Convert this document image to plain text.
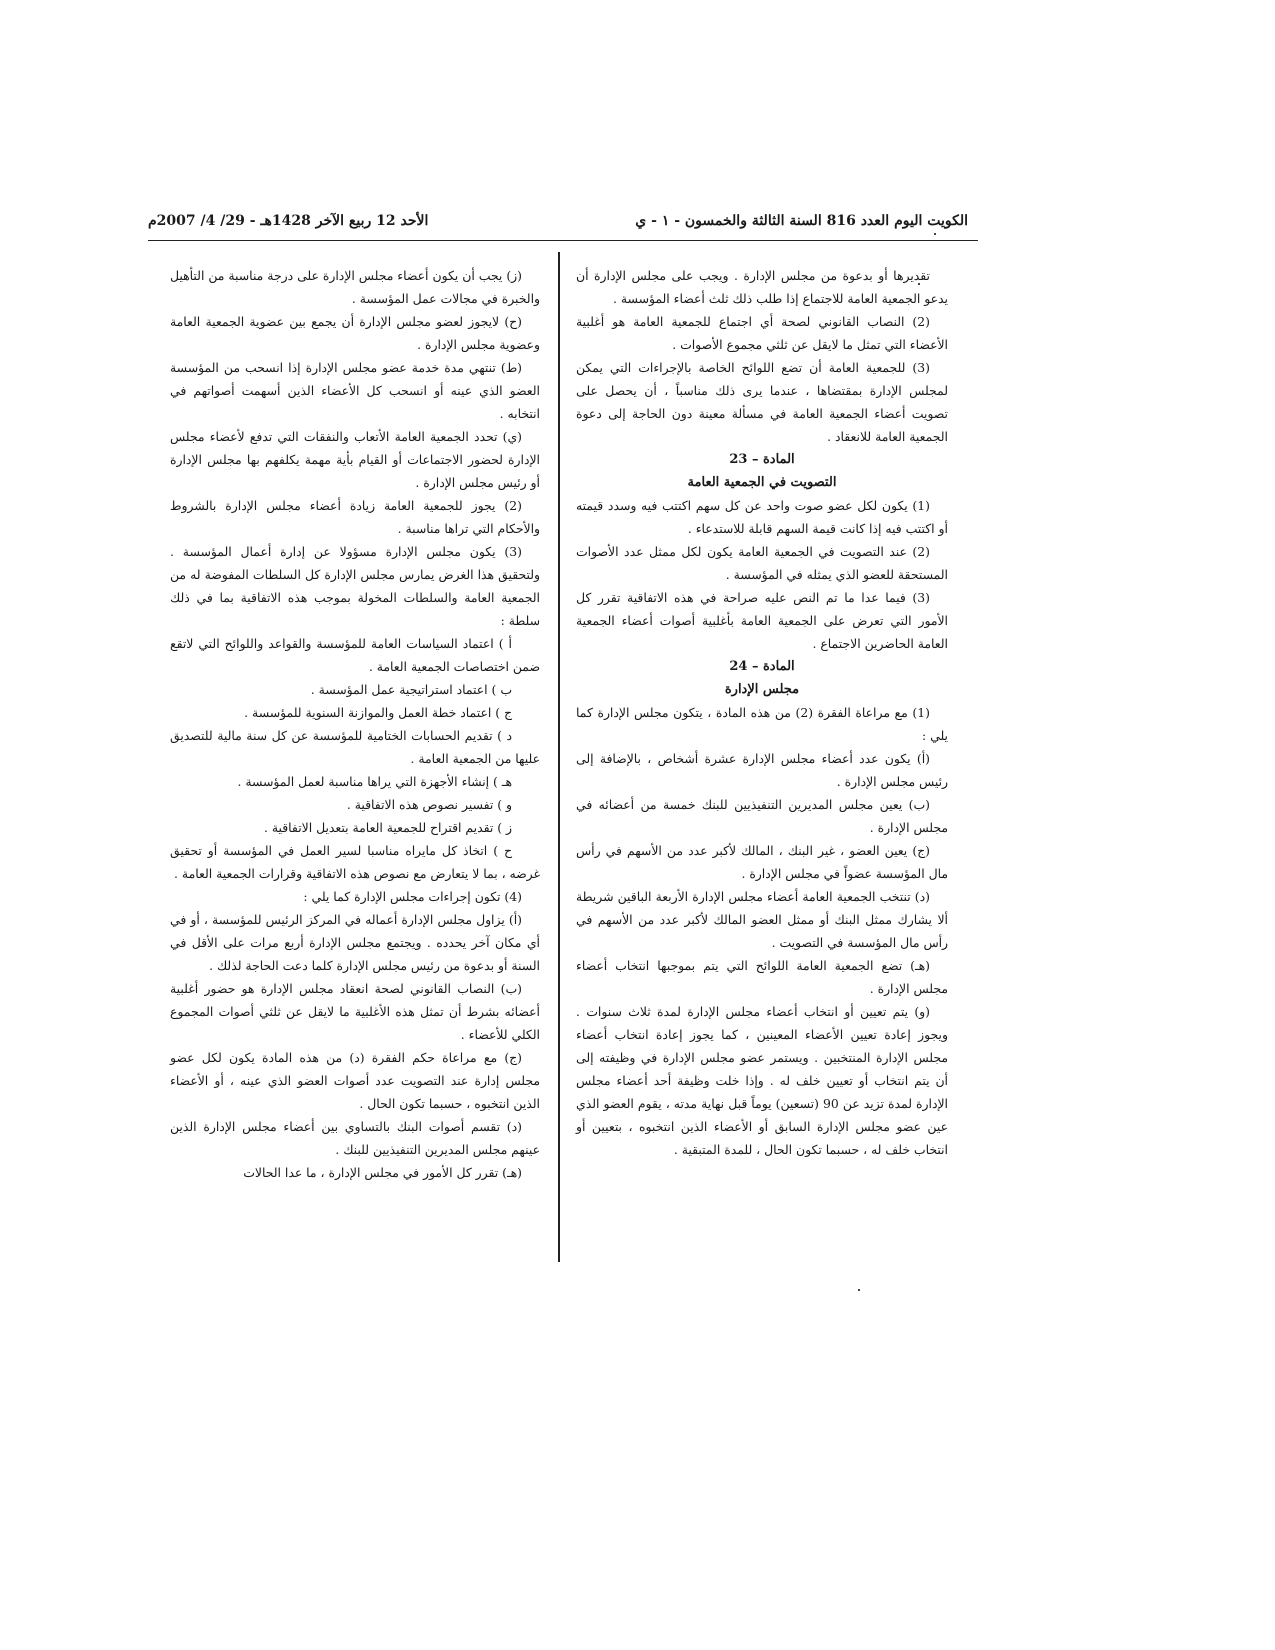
الكويت اليوم العدد 816 السنة الثالثة والخمسون - ١ - ي
الأحد 12 ربيع الآخر 1428هـ - 29/ 4/ 2007م

تقديرها أو بدعوة من مجلس الإدارة . ويجب على مجلس الإدارة أن يدعو الجمعية العامة للاجتماع إذا طلب ذلك ثلث أعضاء المؤسسة .

(2) النصاب القانوني لصحة أي اجتماع للجمعية العامة هو أغلبية الأعضاء التي تمثل ما لايقل عن ثلثي مجموع الأصوات .

(3) للجمعية العامة أن تضع اللوائح الخاصة بالإجراءات التي يمكن لمجلس الإدارة بمقتضاها ، عندما يرى ذلك مناسباً ، أن يحصل على تصويت أعضاء الجمعية العامة في مسألة معينة دون الحاجة إلى دعوة الجمعية العامة للانعقاد .

المادة – 23

التصويت في الجمعية العامة

(1) يكون لكل عضو صوت واحد عن كل سهم اكتتب فيه وسدد قيمته أو اكتتب فيه إذا كانت قيمة السهم قابلة للاستدعاء .

(2) عند التصويت في الجمعية العامة يكون لكل ممثل عدد الأصوات المستحقة للعضو الذي يمثله في المؤسسة .

(3) فيما عدا ما تم النص عليه صراحة في هذه الاتفاقية تقرر كل الأمور التي تعرض على الجمعية العامة بأغلبية أصوات أعضاء الجمعية العامة الحاضرين الاجتماع .

المادة – 24

مجلس الإدارة

(1) مع مراعاة الفقرة (2) من هذه المادة ، يتكون مجلس الإدارة كما يلي :

(أ) يكون عدد أعضاء مجلس الإدارة عشرة أشخاص ، بالإضافة إلى رئيس مجلس الإدارة .

(ب) يعين مجلس المديرين التنفيذيين للبنك خمسة من أعضائه في مجلس الإدارة .

(ج) يعين العضو ، غير البنك ، المالك لأكبر عدد من الأسهم في رأس مال المؤسسة عضواً في مجلس الإدارة .

(د) تنتخب الجمعية العامة أعضاء مجلس الإدارة الأربعة الباقين شريطة ألا يشارك ممثل البنك أو ممثل العضو المالك لأكبر عدد من الأسهم في رأس مال المؤسسة في التصويت .

(هـ) تضع الجمعية العامة اللوائح التي يتم بموجبها انتخاب أعضاء مجلس الإدارة .

(و) يتم تعيين أو انتخاب أعضاء مجلس الإدارة لمدة ثلاث سنوات . ويجوز إعادة تعيين الأعضاء المعينين ، كما يجوز إعادة انتخاب أعضاء مجلس الإدارة المنتخبين . ويستمر عضو مجلس الإدارة في وظيفته إلى أن يتم انتخاب أو تعيين خلف له . وإذا خلت وظيفة أحد أعضاء مجلس الإدارة لمدة تزيد عن 90 (تسعين) يوماً قبل نهاية مدته ، يقوم العضو الذي عين عضو مجلس الإدارة السابق أو الأعضاء الذين انتخبوه ، بتعيين أو انتخاب خلف له ، حسبما تكون الحال ، للمدة المتبقية .

(ز) يجب أن يكون أعضاء مجلس الإدارة على درجة مناسبة من التأهيل والخبرة في مجالات عمل المؤسسة .

(ح) لايجوز لعضو مجلس الإدارة أن يجمع بين عضوية الجمعية العامة وعضوية مجلس الإدارة .

(ط) تنتهي مدة خدمة عضو مجلس الإدارة إذا انسحب من المؤسسة العضو الذي عينه أو انسحب كل الأعضاء الذين أسهمت أصواتهم في انتخابه .

(ي) تحدد الجمعية العامة الأتعاب والنفقات التي تدفع لأعضاء مجلس الإدارة لحضور الاجتماعات أو القيام بأية مهمة يكلفهم بها مجلس الإدارة أو رئيس مجلس الإدارة .

(2) يجوز للجمعية العامة زيادة أعضاء مجلس الإدارة بالشروط والأحكام التي تراها مناسبة .

(3) يكون مجلس الإدارة مسؤولا عن إدارة أعمال المؤسسة . ولتحقيق هذا الغرض يمارس مجلس الإدارة كل السلطات المفوضة له من الجمعية العامة والسلطات المخولة بموجب هذه الاتفاقية بما في ذلك سلطة :

أ ) اعتماد السياسات العامة للمؤسسة والقواعد واللوائح التي لاتقع ضمن اختصاصات الجمعية العامة .

ب ) اعتماد استراتيجية عمل المؤسسة .

ج ) اعتماد خطة العمل والموازنة السنوية للمؤسسة .

د ) تقديم الحسابات الختامية للمؤسسة عن كل سنة مالية للتصديق عليها من الجمعية العامة .

هـ ) إنشاء الأجهزة التي يراها مناسبة لعمل المؤسسة .

و ) تفسير نصوص هذه الاتفاقية .

ز ) تقديم اقتراح للجمعية العامة بتعديل الاتفاقية .

ح ) اتخاذ كل مايراه مناسبا لسير العمل في المؤسسة أو تحقيق غرضه ، بما لا يتعارض مع نصوص هذه الاتفاقية وقرارات الجمعية العامة .

(4) تكون إجراءات مجلس الإدارة كما يلي :

(أ) يزاول مجلس الإدارة أعماله في المركز الرئيس للمؤسسة ، أو في أي مكان آخر يحدده . ويجتمع مجلس الإدارة أربع مرات على الأقل في السنة أو بدعوة من رئيس مجلس الإدارة كلما دعت الحاجة لذلك .

(ب) النصاب القانوني لصحة انعقاد مجلس الإدارة هو حضور أغلبية أعضائه بشرط أن تمثل هذه الأغلبية ما لايقل عن ثلثي أصوات المجموع الكلي للأعضاء .

(ج) مع مراعاة حكم الفقرة (د) من هذه المادة يكون لكل عضو مجلس إدارة عند التصويت عدد أصوات العضو الذي عينه ، أو الأعضاء الذين انتخبوه ، حسبما تكون الحال .

(د) تقسم أصوات البنك بالتساوي بين أعضاء مجلس الإدارة الذين عينهم مجلس المديرين التنفيذيين للبنك .

(هـ) تقرر كل الأمور في مجلس الإدارة ، ما عدا الحالات
